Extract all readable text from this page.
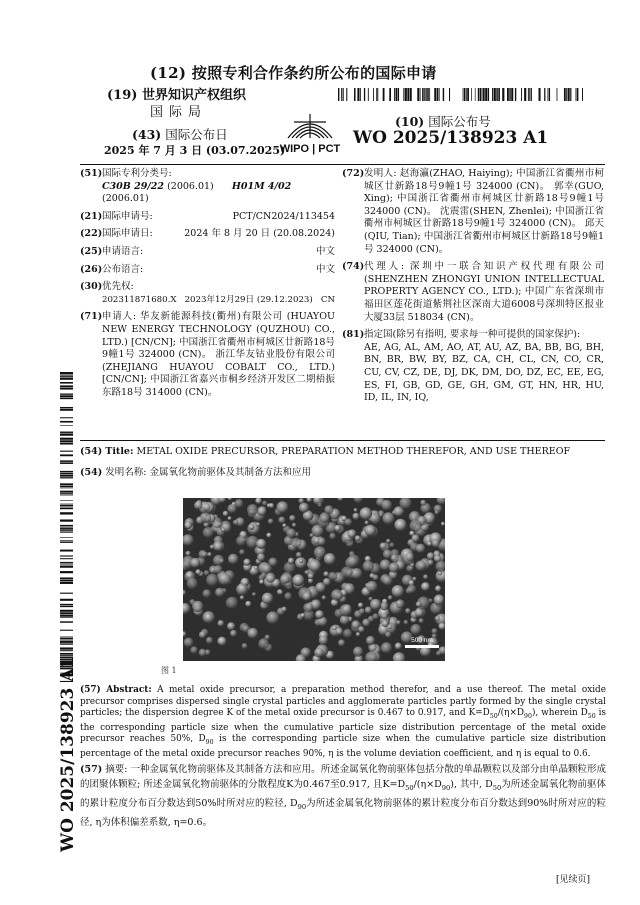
(12) 按照专利合作条约所公布的国际申请
(19) 世界知识产权组织
国际局
(43) 国际公布日
2025 年 7 月 3 日 (03.07.2025)
(10) 国际公布号
WO 2025/138923 A1
WIPO | PCT
(51) 国际专利分类号:
C30B 29/22 (2006.01) H01M 4/02 (2006.01)
(21) 国际申请号:	PCT/CN2024/113454
(22) 国际申请日:	2024 年 8 月 20 日 (20.08.2024)
(25) 申请语言:	中文
(26) 公布语言:	中文
(30) 优先权:
202311871680.X 2023年12月29日 (29.12.2023) CN
(71) 申请人: 华友新能源科技(衢州)有限公司 (HUAYOU NEW ENERGY TECHNOLOGY (QUZHOU) CO., LTD.) [CN/CN]; 中国浙江省衢州市柯城区廿新路18号9幢1号 324000 (CN)。 浙江华友钴业股份有限公司(ZHEJIANG HUAYOU COBALT CO., LTD.) [CN/CN]; 中国浙江省嘉兴市桐乡经济开发区二期梧振东路18号 314000 (CN)。
(72) 发明人: 赵海瀛(ZHAO, Haiying); 中国浙江省衢州市柯城区廿新路18号9幢1号 324000 (CN)。 郭幸(GUO, Xing); 中国浙江省衢州市柯城区廿新路18号9幢1号 324000 (CN)。 沈震雷(SHEN, Zhenlei); 中国浙江省衢州市柯城区廿新路18号9幢1号 324000 (CN)。 邱天(QIU, Tian); 中国浙江省衢州市柯城区廿新路18号9幢1号 324000 (CN)。
(74) 代理人: 深圳中一联合知识产权代理有限公司 (SHENZHEN ZHONGYI UNION INTELLECTUAL PROPERTY AGENCY CO., LTD.); 中国广东省深圳市福田区莲花街道紫荆社区深南大道6008号深圳特区报业大厦33层 518034 (CN)。
(81) 指定国(除另有指明, 要求每一种可提供的国家保护):
AE, AG, AL, AM, AO, AT, AU, AZ, BA, BB, BG, BH, BN, BR, BW, BY, BZ, CA, CH, CL, CN, CO, CR, CU, CV, CZ, DE, DJ, DK, DM, DO, DZ, EC, EE, EG, ES, FI, GB, GD, GE, GH, GM, GT, HN, HR, HU, ID, IL, IN, IQ,
(54) Title: METAL OXIDE PRECURSOR, PREPARATION METHOD THEREFOR, AND USE THEREOF
(54) 发明名称: 金属氧化物前驱体及其制备方法和应用
500 nm
图 1
(57) Abstract: A metal oxide precursor, a preparation method therefor, and a use thereof. The metal oxide precursor comprises dispersed single crystal particles and agglomerate particles partly formed by the single crystal particles; the dispersion degree K of the metal oxide precursor is 0.467 to 0.917, and $K=D_{50}/(\eta\times D_{90})$, wherein $D_{50}$ is the corresponding particle size when the cumulative particle size distribution percentage of the metal oxide precursor reaches 50%, $D_{90}$ is the corresponding particle size when the cumulative particle size distribution percentage of the metal oxide precursor reaches 90%, η is the volume deviation coefficient, and η is equal to 0.6.
(57) 摘要: 一种金属氧化物前驱体及其制备方法和应用。所述金属氧化物前驱体包括分散的单晶颗粒以及部分由单晶颗粒形成的团聚体颗粒; 所述金属氧化物前驱体的分散程度K为0.467至0.917, 且$K=D_{50}/(\eta\times D_{90})$, 其中, $D_{50}$为所述金属氧化物前驱体的累计粒度分布百分数达到50%时所对应的粒径, $D_{90}$为所述金属氧化物前驱体的累计粒度分布百分数达到90%时所对应的粒径, η为体积偏差系数, η=0.6。
[见续页]
WO 2025/138923 A1
